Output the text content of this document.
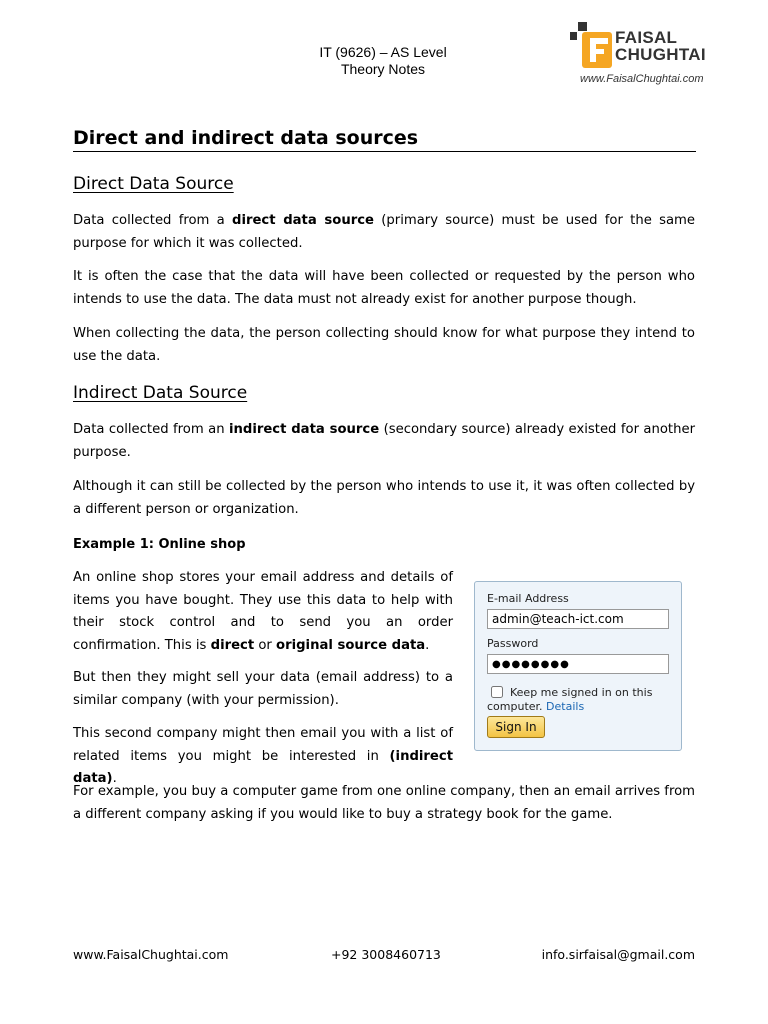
IT (9626) – AS Level
Theory Notes
FAISAL
CHUGHTAI
www.FaisalChughtai.com
Direct and indirect data sources
Direct Data Source

Data collected from a direct data source (primary source) must be used for the same purpose for which it was collected.

It is often the case that the data will have been collected or requested by the person who intends to use the data. The data must not already exist for another purpose though.

When collecting the data, the person collecting should know for what purpose they intend to use the data.

Indirect Data Source

Data collected from an indirect data source (secondary source) already existed for another purpose.

Although it can still be collected by the person who intends to use it, it was often collected by a different person or organization.

Example 1: Online shop

An online shop stores your email address and details of items you have bought. They use this data to help with their stock control and to send you an order confirmation. This is direct or original source data.

But then they might sell your data (email address) to a similar company (with your permission).

This second company might then email you with a list of related items you might be interested in (indirect data).

For example, you buy a computer game from one online company, then an email arrives from a different company asking if you would like to buy a strategy book for the game.

E-mail Address
admin@teach-ict.com
Password
●●●●●●●●
Keep me signed in on this computer. Details
Sign In
www.FaisalChughtai.com	+92 3008460713	info.sirfaisal@gmail.com
